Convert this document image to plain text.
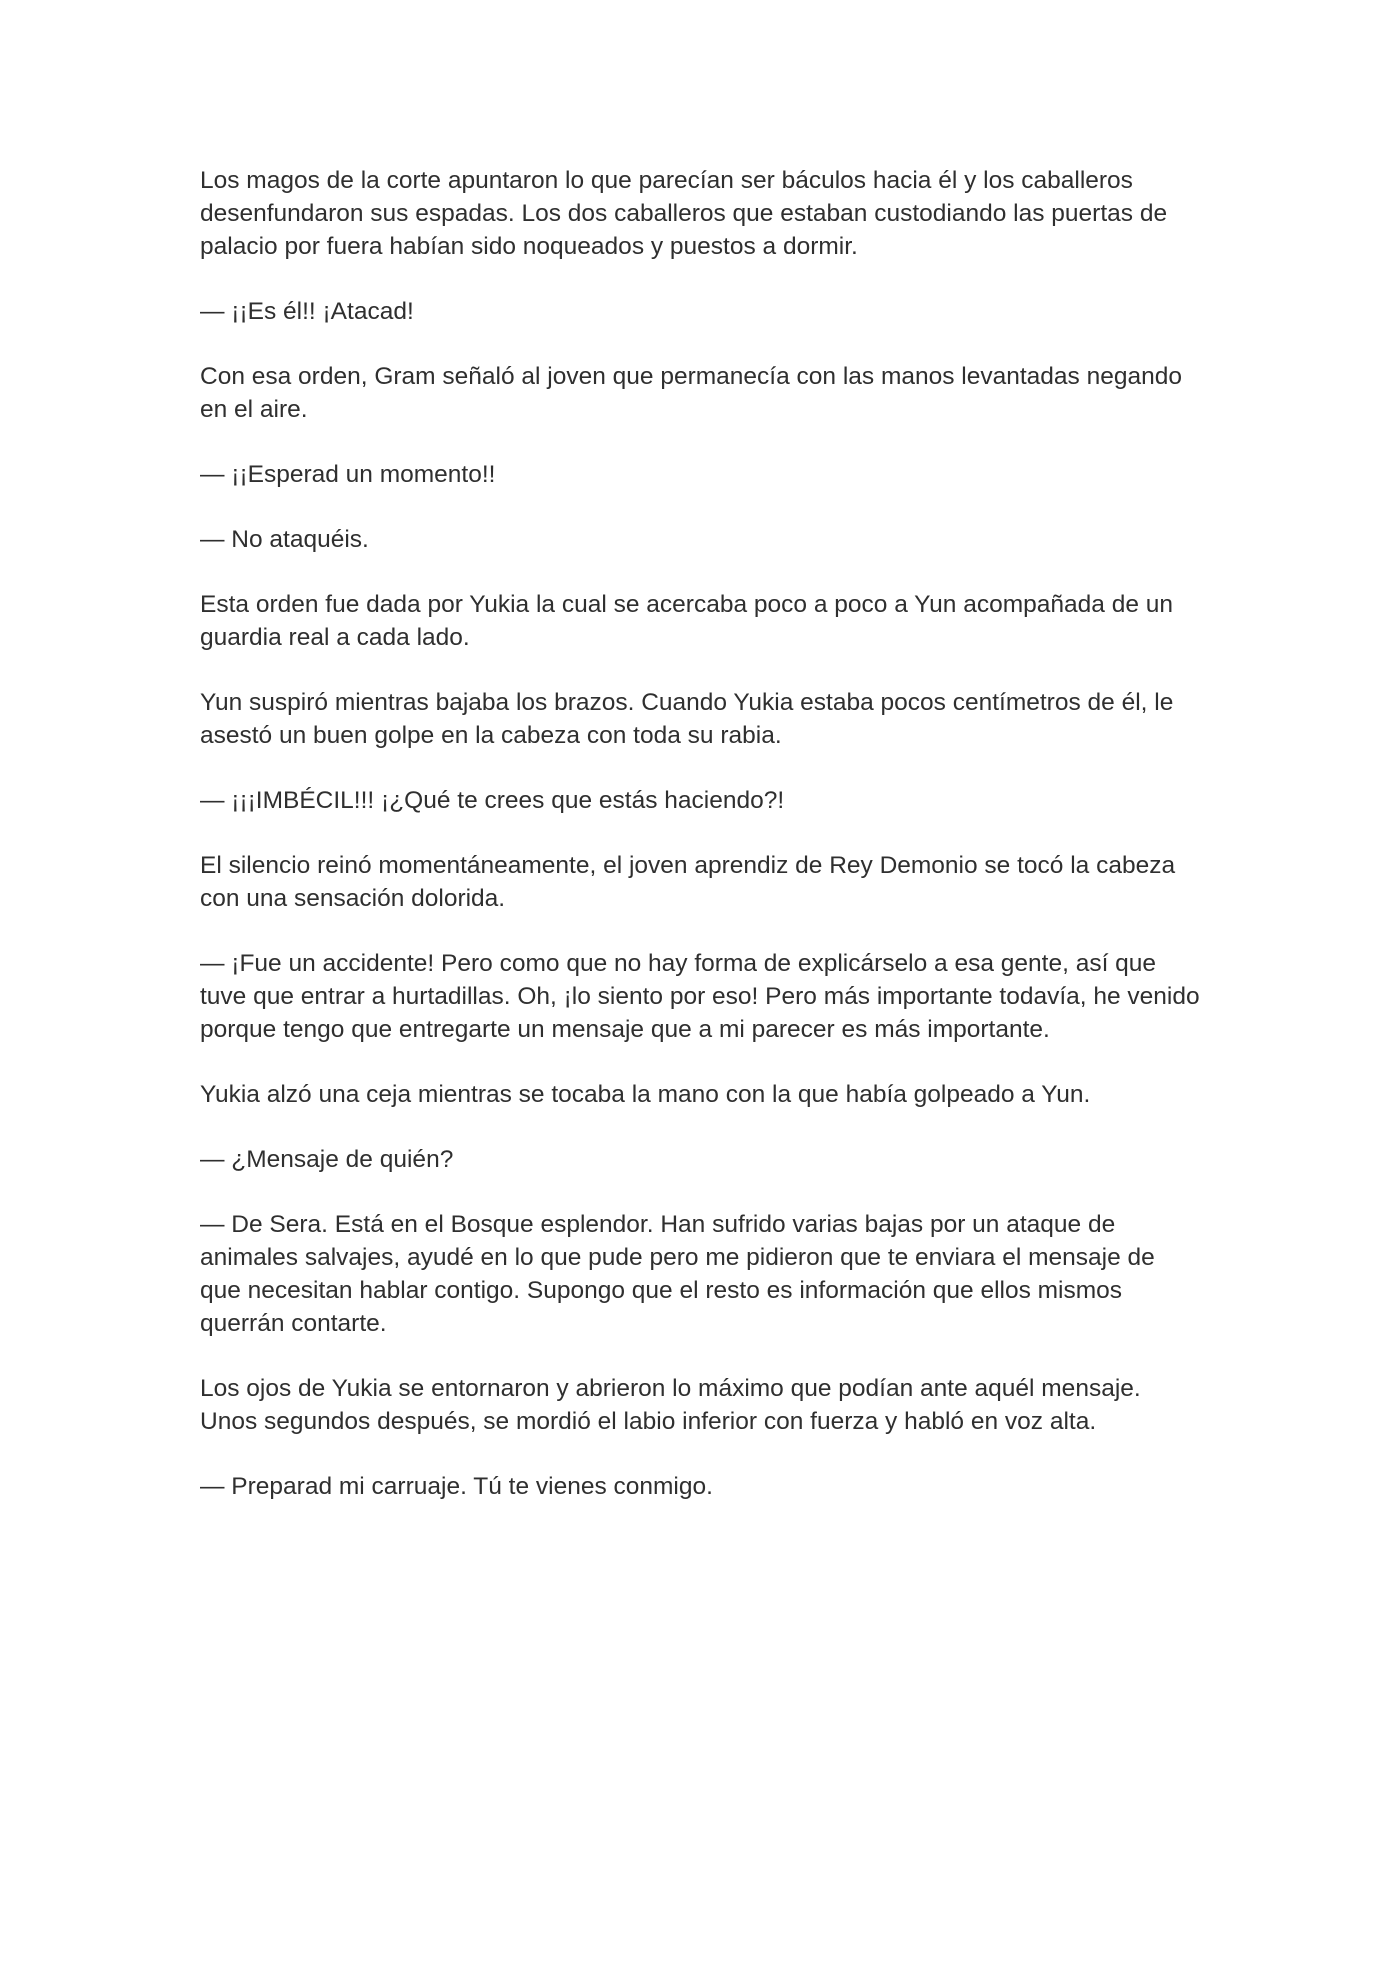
Los magos de la corte apuntaron lo que parecían ser báculos hacia él y los caballeros desenfundaron sus espadas. Los dos caballeros que estaban custodiando las puertas de palacio por fuera habían sido noqueados y puestos a dormir.

— ¡¡Es él!! ¡Atacad!

Con esa orden, Gram señaló al joven que permanecía con las manos levantadas negando en el aire.

— ¡¡Esperad un momento!!

— No ataquéis.

Esta orden fue dada por Yukia la cual se acercaba poco a poco a Yun acompañada de un guardia real a cada lado.

Yun suspiró mientras bajaba los brazos. Cuando Yukia estaba pocos centímetros de él, le asestó un buen golpe en la cabeza con toda su rabia.

— ¡¡¡IMBÉCIL!!! ¡¿Qué te crees que estás haciendo?!

El silencio reinó momentáneamente, el joven aprendiz de Rey Demonio se tocó la cabeza con una sensación dolorida.

— ¡Fue un accidente! Pero como que no hay forma de explicárselo a esa gente, así que tuve que entrar a hurtadillas. Oh, ¡lo siento por eso! Pero más importante todavía, he venido porque tengo que entregarte un mensaje que a mi parecer es más importante.

Yukia alzó una ceja mientras se tocaba la mano con la que había golpeado a Yun.

— ¿Mensaje de quién?

— De Sera. Está en el Bosque esplendor. Han sufrido varias bajas por un ataque de animales salvajes, ayudé en lo que pude pero me pidieron que te enviara el mensaje de que necesitan hablar contigo. Supongo que el resto es información que ellos mismos querrán contarte.

Los ojos de Yukia se entornaron y abrieron lo máximo que podían ante aquél mensaje. Unos segundos después, se mordió el labio inferior con fuerza y habló en voz alta.

— Preparad mi carruaje. Tú te vienes conmigo.
